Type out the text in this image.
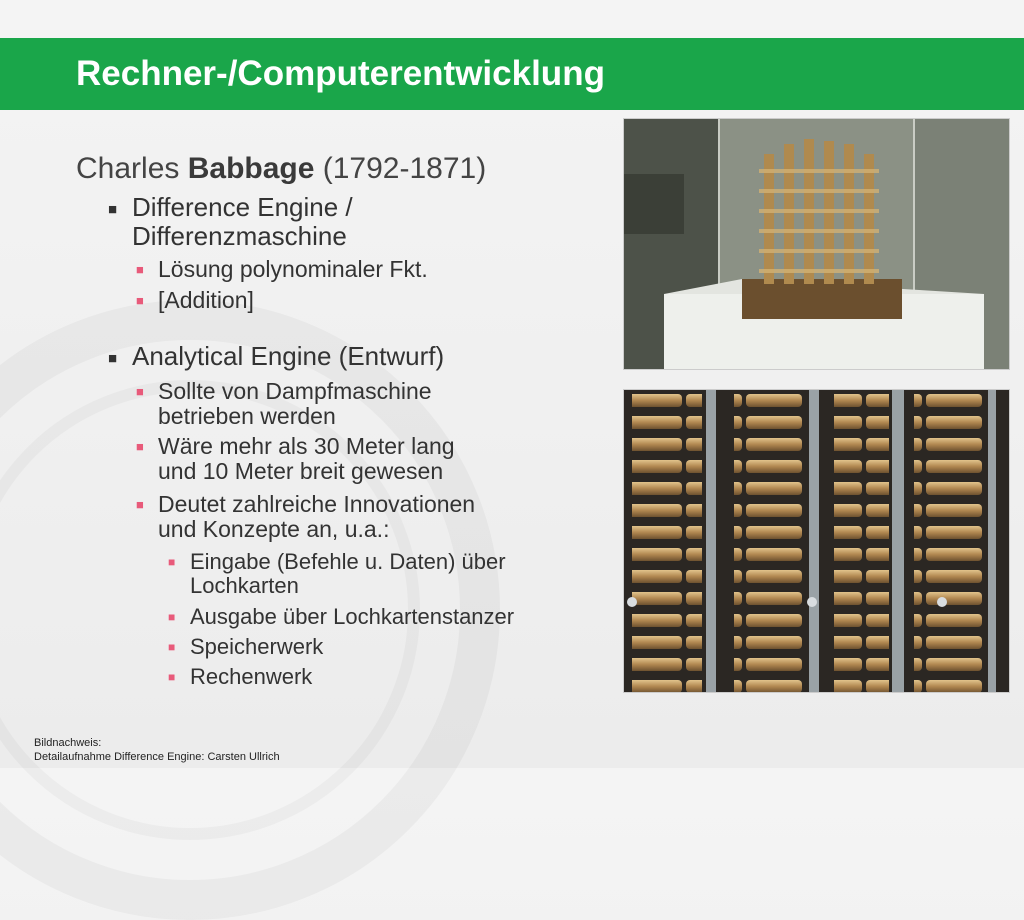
Rechner-/Computerentwicklung
Charles Babbage (1792-1871)
■ Difference Engine /
Differenzmaschine
■ Lösung polynominaler Fkt.
■ [Addition]
■ Analytical Engine (Entwurf)
■ Sollte von Dampfmaschine
betrieben werden
■ Wäre mehr als 30 Meter lang
und 10 Meter breit gewesen
■ Deutet zahlreiche Innovationen
und Konzepte an, u.a.:
■ Eingabe (Befehle u. Daten) über
Lochkarten
■ Ausgabe über Lochkartenstanzer
■ Speicherwerk
■ Rechenwerk
Bildnachweis:
Detailaufnahme Difference Engine: Carsten Ullrich
